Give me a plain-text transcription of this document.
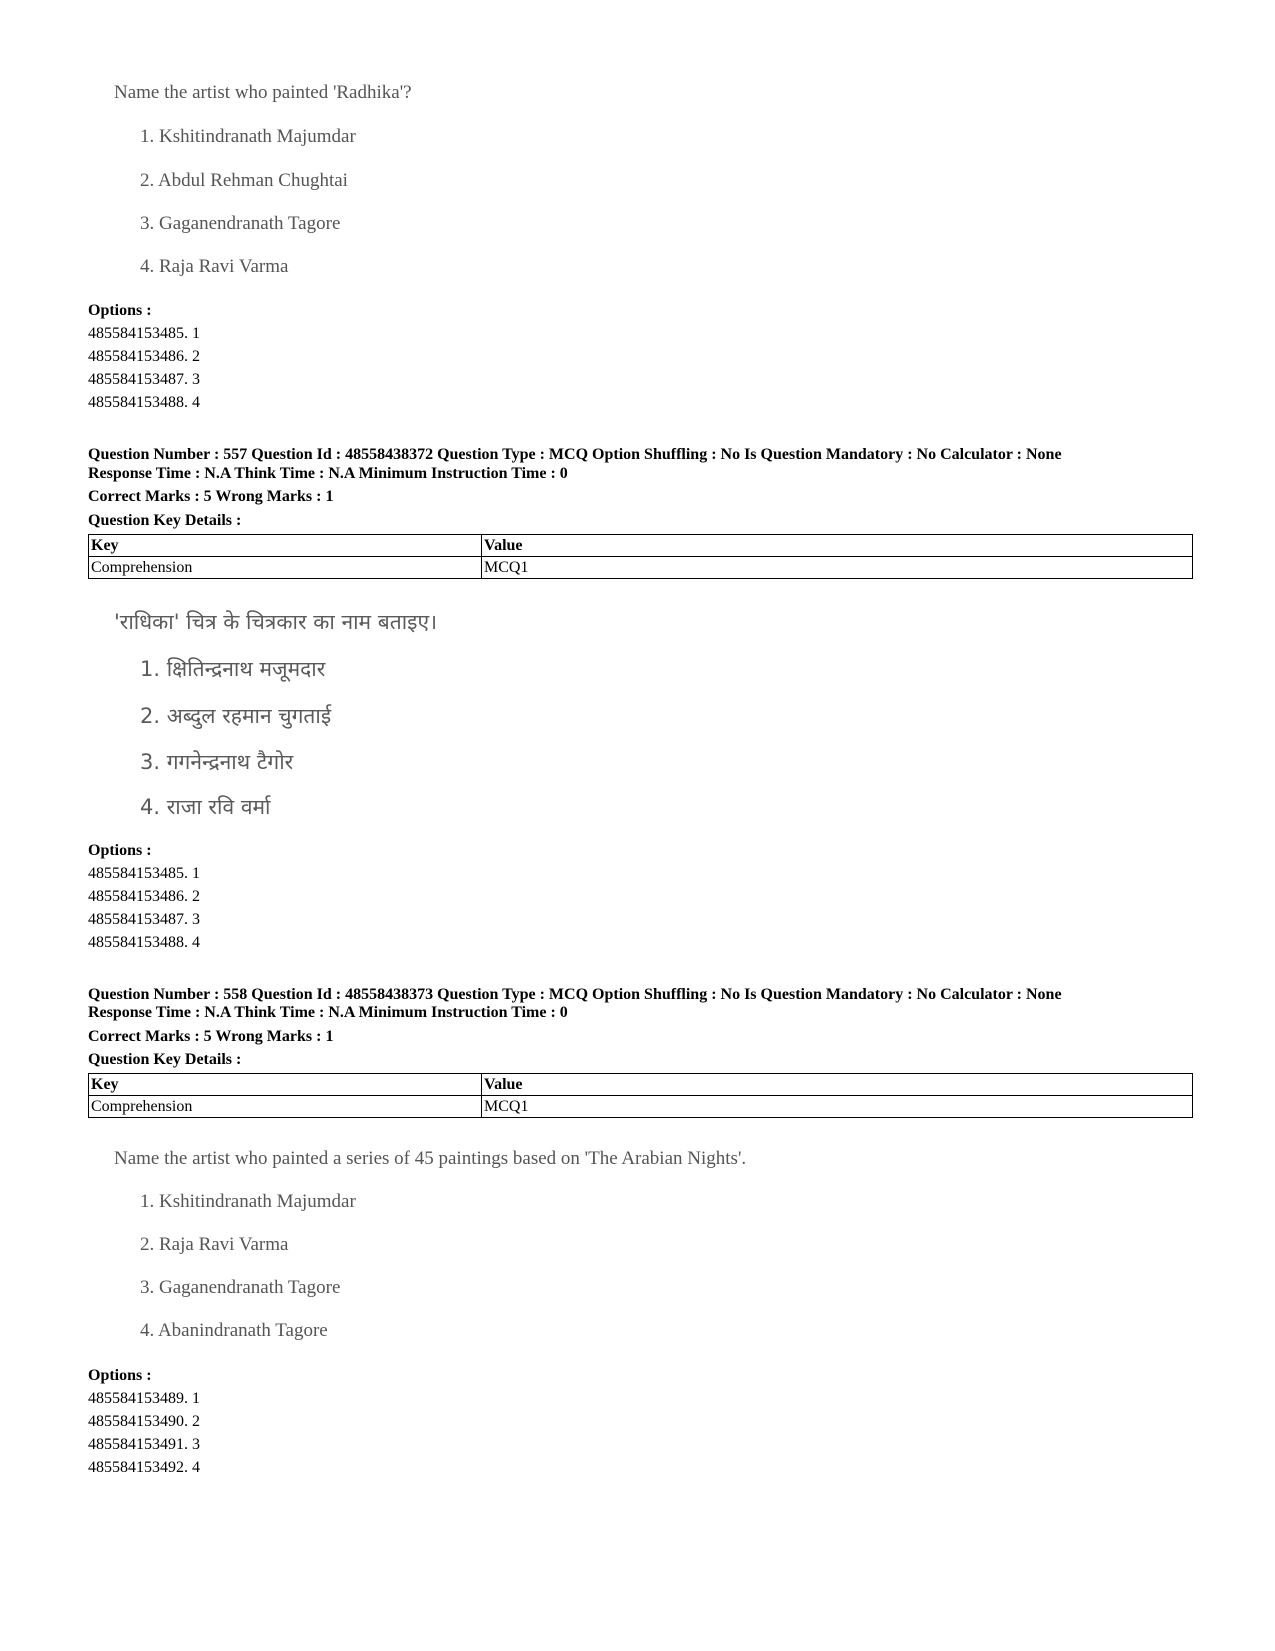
Name the artist who painted 'Radhika'?
1. Kshitindranath Majumdar
2. Abdul Rehman Chughtai
3. Gaganendranath Tagore
4. Raja Ravi Varma
Options :
485584153485. 1
485584153486. 2
485584153487. 3
485584153488. 4
Question Number : 557 Question Id : 48558438372 Question Type : MCQ Option Shuffling : No Is Question Mandatory : No Calculator : None
Response Time : N.A Think Time : N.A Minimum Instruction Time : 0
Correct Marks : 5 Wrong Marks : 1
Question Key Details :
Key	Value
Comprehension	MCQ1
'राधिका' चित्र के चित्रकार का नाम बताइए।
1. क्षितिन्द्रनाथ मजूमदार
2. अब्दुल रहमान चुगताई
3. गगनेन्द्रनाथ टैगोर
4. राजा रवि वर्मा
Options :
485584153485. 1
485584153486. 2
485584153487. 3
485584153488. 4
Question Number : 558 Question Id : 48558438373 Question Type : MCQ Option Shuffling : No Is Question Mandatory : No Calculator : None
Response Time : N.A Think Time : N.A Minimum Instruction Time : 0
Correct Marks : 5 Wrong Marks : 1
Question Key Details :
Key	Value
Comprehension	MCQ1
Name the artist who painted a series of 45 paintings based on 'The Arabian Nights'.
1. Kshitindranath Majumdar
2. Raja Ravi Varma
3. Gaganendranath Tagore
4. Abanindranath Tagore
Options :
485584153489. 1
485584153490. 2
485584153491. 3
485584153492. 4
